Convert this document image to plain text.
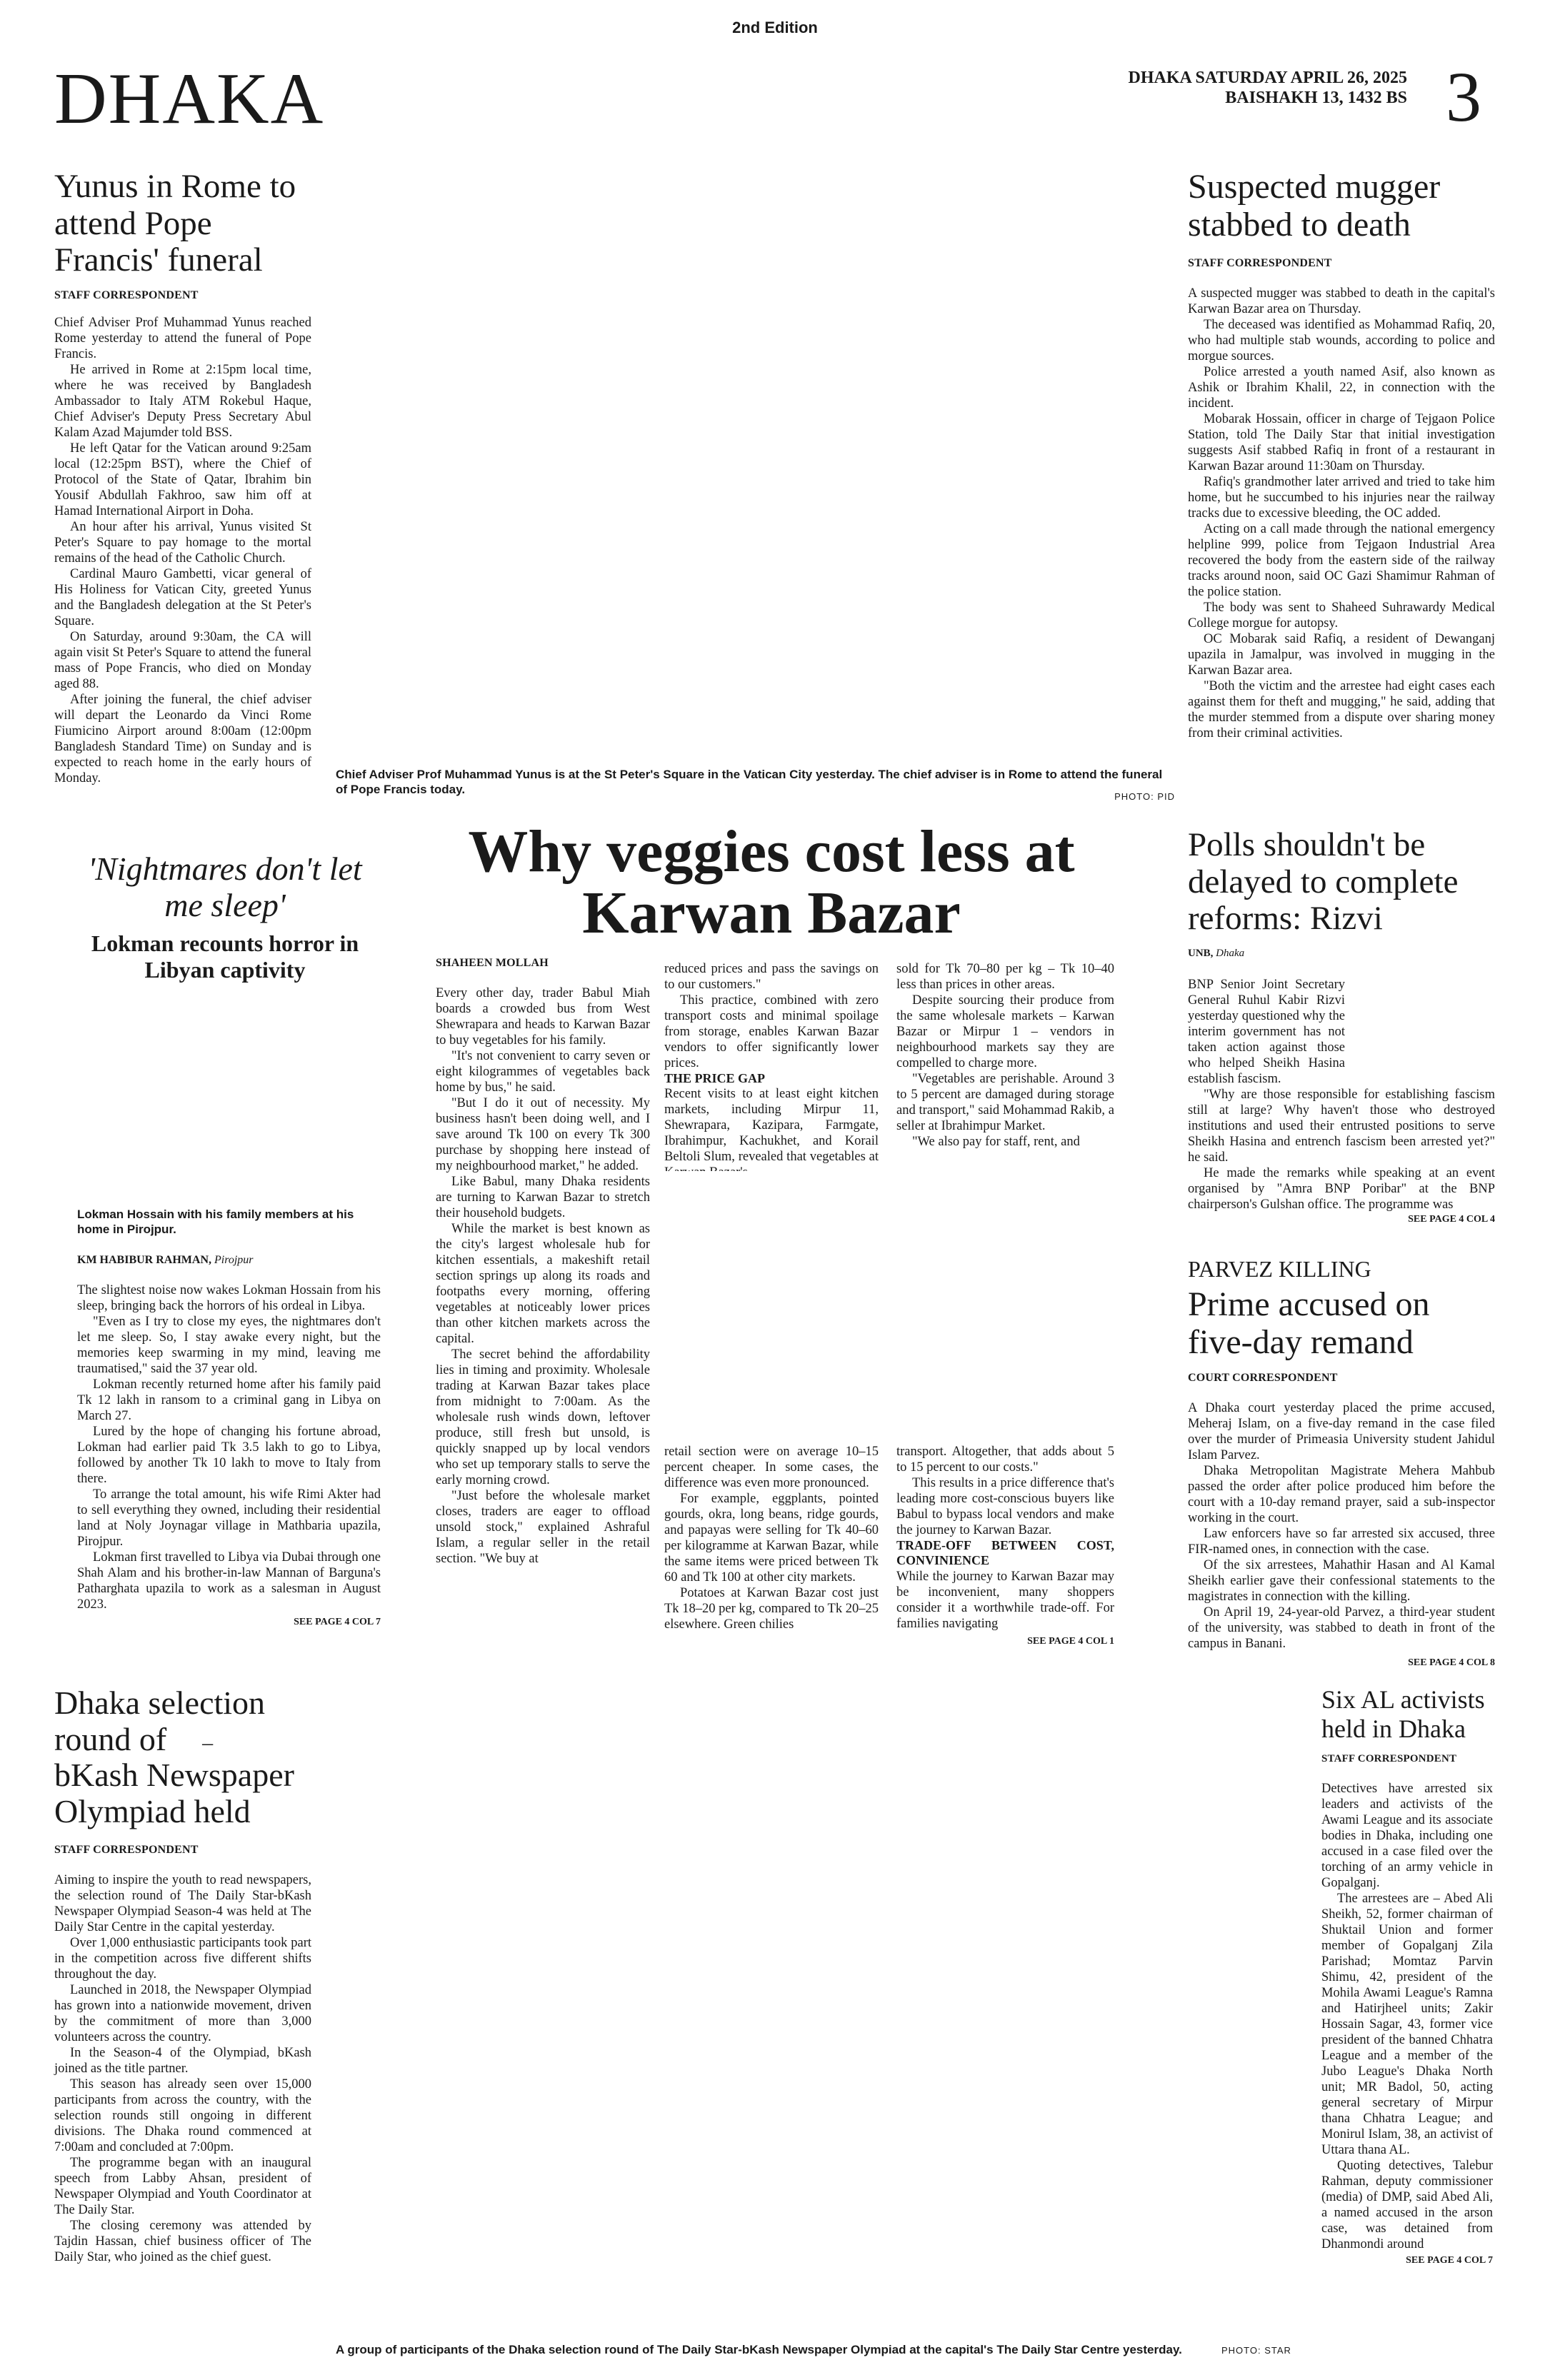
2nd Edition
DHAKA	DHAKA SATURDAY APRIL 26, 2025
BAISHAKH 13, 1432 BS 3
Yunus in Rome to attend Pope Francis' funeral
STAFF CORRESPONDENT

Chief Adviser Prof Muhammad Yunus reached Rome yesterday to attend the funeral of Pope Francis.

He arrived in Rome at 2:15pm local time, where he was received by Bangladesh Ambassador to Italy ATM Rokebul Haque, Chief Adviser's Deputy Press Secretary Abul Kalam Azad Majumder told BSS.

He left Qatar for the Vatican around 9:25am local (12:25pm BST), where the Chief of Protocol of the State of Qatar, Ibrahim bin Yousif Abdullah Fakhroo, saw him off at Hamad International Airport in Doha.

An hour after his arrival, Yunus visited St Peter's Square to pay homage to the mortal remains of the head of the Catholic Church.

Cardinal Mauro Gambetti, vicar general of His Holiness for Vatican City, greeted Yunus and the Bangladesh delegation at the St Peter's Square.

On Saturday, around 9:30am, the CA will again visit St Peter's Square to attend the funeral mass of Pope Francis, who died on Monday aged 88.

After joining the funeral, the chief adviser will depart the Leonardo da Vinci Rome Fiumicino Airport around 8:00am (12:00pm Bangladesh Standard Time) on Sunday and is expected to reach home in the early hours of Monday.	Chief Adviser Prof Muhammad Yunus is at the St Peter's Square in the Vatican City yesterday. The chief adviser is in Rome to attend the funeral of Pope Francis today.
PHOTO: PID
Suspected mugger stabbed to death
STAFF CORRESPONDENT

A suspected mugger was stabbed to death in the capital's Karwan Bazar area on Thursday.

The deceased was identified as Mohammad Rafiq, 20, who had multiple stab wounds, according to police and morgue sources.

Police arrested a youth named Asif, also known as Ashik or Ibrahim Khalil, 22, in connection with the incident.

Mobarak Hossain, officer in charge of Tejgaon Police Station, told The Daily Star that initial investigation suggests Asif stabbed Rafiq in front of a restaurant in Karwan Bazar around 11:30am on Thursday.

Rafiq's grandmother later arrived and tried to take him home, but he succumbed to his injuries near the railway tracks due to excessive bleeding, the OC added.

Acting on a call made through the national emergency helpline 999, police from Tejgaon Industrial Area recovered the body from the eastern side of the railway tracks around noon, said OC Gazi Shamimur Rahman of the police station.

The body was sent to Shaheed Suhrawardy Medical College morgue for autopsy.

OC Mobarak said Rafiq, a resident of Dewanganj upazila in Jamalpur, was involved in mugging in the Karwan Bazar area.

"Both the victim and the arrestee had eight cases each against them for theft and mugging," he said, adding that the murder stemmed from a dispute over sharing money from their criminal activities.

'Nightmares don't let me sleep'
Lokman recounts horror in Libyan captivity
Lokman Hossain with his family members at his home in Pirojpur.
KM HABIBUR RAHMAN, Pirojpur

The slightest noise now wakes Lokman Hossain from his sleep, bringing back the horrors of his ordeal in Libya.

"Even as I try to close my eyes, the nightmares don't let me sleep. So, I stay awake every night, but the memories keep swarming in my mind, leaving me traumatised," said the 37 year old.

Lokman recently returned home after his family paid Tk 12 lakh in ransom to a criminal gang in Libya on March 27.

Lured by the hope of changing his fortune abroad, Lokman had earlier paid Tk 3.5 lakh to go to Libya, followed by another Tk 10 lakh to move to Italy from there.

To arrange the total amount, his wife Rimi Akter had to sell everything they owned, including their residential land at Noly Joynagar village in Mathbaria upazila, Pirojpur.

Lokman first travelled to Libya via Dubai through one Shah Alam and his brother-in-law Mannan of Barguna's Patharghata upazila to work as a salesman in August 2023.

SEE PAGE 4 COL 7
Why veggies cost less at Karwan Bazar
SHAHEEN MOLLAH

Every other day, trader Babul Miah boards a crowded bus from West Shewrapara and heads to Karwan Bazar to buy vegetables for his family.

"It's not convenient to carry seven or eight kilogrammes of vegetables back home by bus," he said.

"But I do it out of necessity. My business hasn't been doing well, and I save around Tk 100 on every Tk 300 purchase by shopping here instead of my neighbourhood market," he added.

Like Babul, many Dhaka residents are turning to Karwan Bazar to stretch their household budgets.

While the market is best known as the city's largest wholesale hub for kitchen essentials, a makeshift retail section springs up along its roads and footpaths every morning, offering vegetables at noticeably lower prices than other kitchen markets across the capital.

The secret behind the affordability lies in timing and proximity. Wholesale trading at Karwan Bazar takes place from midnight to 7:00am. As the wholesale rush winds down, leftover produce, still fresh but unsold, is quickly snapped up by local vendors who set up temporary stalls to serve the early morning crowd.

"Just before the wholesale market closes, traders are eager to offload unsold stock," explained Ashraful Islam, a regular seller in the retail section. "We buy at

reduced prices and pass the savings on to our customers."

This practice, combined with zero transport costs and minimal spoilage from storage, enables Karwan Bazar vendors to offer significantly lower prices.

THE PRICE GAP

Recent visits to at least eight kitchen markets, including Mirpur 11, Shewrapara, Kazipara, Farmgate, Ibrahimpur, Kachukhet, and Korail Beltoli Slum, revealed that vegetables at

sold for Tk 70–80 per kg – Tk 10–40 less than prices in other areas.

Despite sourcing their produce from the same wholesale markets – Karwan Bazar or Mirpur 1 – vendors in neighbourhood markets say they are compelled to charge more.

"Vegetables are perishable. Around 3 to 5 percent are damaged during storage and transport," said Mohammad Rakib, a seller at Ibrahimpur Market.

"We also pay for staff, rent, and

retail section were on average 10–15 percent cheaper. In some cases, the difference was even more pronounced.

For example, eggplants, pointed gourds, okra, long beans, ridge gourds, and papayas were selling for Tk 40–60 per kilogramme at Karwan Bazar, while the same items were priced between Tk 60 and Tk 100 at other city markets.

Potatoes at Karwan Bazar cost just Tk 18–20 per kg, compared to Tk 20–25 elsewhere. Green chilies

transport. Altogether, that adds about 5 to 15 percent to our costs."

This results in a price difference that's leading more cost-conscious buyers like Babul to bypass local vendors and make the journey to Karwan Bazar.

TRADE-OFF BETWEEN COST, CONVINIENCE

While the journey to Karwan Bazar may be inconvenient, many shoppers consider it a worthwhile trade-off. For families navigating

SEE PAGE 4 COL 1
Polls shouldn't be delayed to complete reforms: Rizvi
UNB, Dhaka

BNP Senior Joint Secretary General Ruhul Kabir Rizvi yesterday questioned why the interim government has not taken action against those who helped Sheikh Hasina establish fascism.

"Why are those responsible for establishing fascism still at large? Why haven't those who destroyed institutions and used their entrusted positions to serve Sheikh Hasina and entrench fascism been arrested yet?" he said.

He made the remarks while speaking at an event organised by "Amra BNP Poribar" at the BNP chairperson's Gulshan office. The programme was

SEE PAGE 4 COL 4
PARVEZ KILLING
Prime accused on five-day remand
COURT CORRESPONDENT

A Dhaka court yesterday placed the prime accused, Meheraj Islam, on a five-day remand in the case filed over the murder of Primeasia University student Jahidul Islam Parvez.

Dhaka Metropolitan Magistrate Mehera Mahbub passed the order after police produced him before the court with a 10-day remand prayer, said a sub-inspector working in the court.

Law enforcers have so far arrested six accused, three FIR-named ones, in connection with the case.

Of the six arrestees, Mahathir Hasan and Al Kamal Sheikh earlier gave their confessional statements to the magistrates in connection with the killing.

On April 19, 24-year-old Parvez, a third-year student of the university, was stabbed to death in front of the campus in Banani.

SEE PAGE 4 COL 8
Dhaka selection
round of –
bKash Newspaper
Olympiad held
STAFF CORRESPONDENT

Aiming to inspire the youth to read newspapers, the selection round of The Daily Star-bKash Newspaper Olympiad Season-4 was held at The Daily Star Centre in the capital yesterday.

Over 1,000 enthusiastic participants took part in the competition across five different shifts throughout the day.

Launched in 2018, the Newspaper Olympiad has grown into a nationwide movement, driven by the commitment of more than 3,000 volunteers across the country.

In the Season-4 of the Olympiad, bKash joined as the title partner.

This season has already seen over 15,000 participants from across the country, with the selection rounds still ongoing in different divisions. The Dhaka round commenced at 7:00am and concluded at 7:00pm.

The programme began with an inaugural speech from Labby Ahsan, president of Newspaper Olympiad and Youth Coordinator at The Daily Star.

The closing ceremony was attended by Tajdin Hassan, chief business officer of The Daily Star, who joined as the chief guest.

A group of participants of the Dhaka selection round of The Daily Star-bKash Newspaper Olympiad at the capital's The Daily Star Centre yesterday.	PHOTO: STAR
Six AL activists held in Dhaka
STAFF CORRESPONDENT

Detectives have arrested six leaders and activists of the Awami League and its associate bodies in Dhaka, including one accused in a case filed over the torching of an army vehicle in Gopalganj.

The arrestees are – Abed Ali Sheikh, 52, former chairman of Shuktail Union and former member of Gopalganj Zila Parishad; Momtaz Parvin Shimu, 42, president of the Mohila Awami League's Ramna and Hatirjheel units; Zakir Hossain Sagar, 43, former vice president of the banned Chhatra League and a member of the Jubo League's Dhaka North unit; MR Badol, 50, acting general secretary of Mirpur thana Chhatra League; and Monirul Islam, 38, an activist of Uttara thana AL.

Quoting detectives, Talebur Rahman, deputy commissioner (media) of DMP, said Abed Ali, a named accused in the arson case, was detained from Dhanmondi around

SEE PAGE 4 COL 7
